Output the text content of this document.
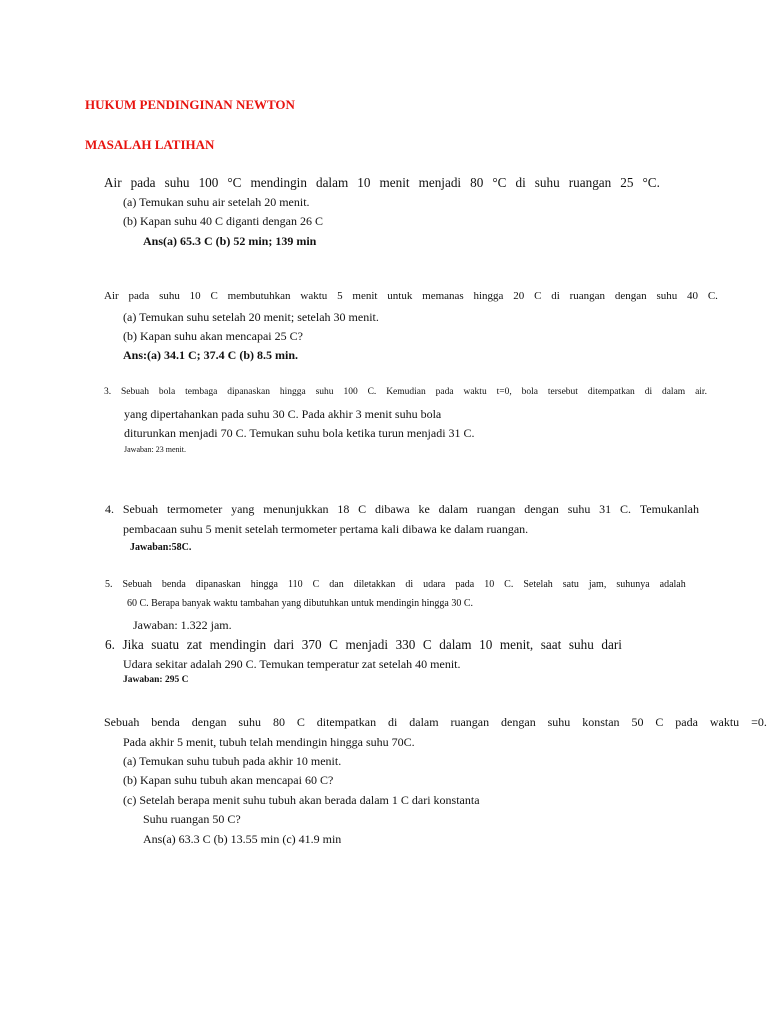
HUKUM PENDINGINAN NEWTON
MASALAH LATIHAN
Air pada suhu 100 °C mendingin dalam 10 menit menjadi 80 °C di suhu ruangan 25 °C.
(a) Temukan suhu air setelah 20 menit.
(b) Kapan suhu 40 C diganti dengan 26 C
Ans(a) 65.3 C (b) 52 min; 139 min
Air pada suhu 10 C membutuhkan waktu 5 menit untuk memanas hingga 20 C di ruangan dengan suhu 40 C.
(a) Temukan suhu setelah 20 menit; setelah 30 menit.
(b) Kapan suhu akan mencapai 25 C?
Ans:(a) 34.1 C; 37.4 C (b) 8.5 min.
3. Sebuah bola tembaga dipanaskan hingga suhu 100 C. Kemudian pada waktu t=0, bola tersebut ditempatkan di dalam air.
yang dipertahankan pada suhu 30 C. Pada akhir 3 menit suhu bola
diturunkan menjadi 70 C. Temukan suhu bola ketika turun menjadi 31 C.
Jawaban: 23 menit.
4. Sebuah termometer yang menunjukkan 18 C dibawa ke dalam ruangan dengan suhu 31 C. Temukanlah
pembacaan suhu 5 menit setelah termometer pertama kali dibawa ke dalam ruangan.
Jawaban:58C.
5. Sebuah benda dipanaskan hingga 110 C dan diletakkan di udara pada 10 C. Setelah satu jam, suhunya adalah
60 C. Berapa banyak waktu tambahan yang dibutuhkan untuk mendingin hingga 30 C.
Jawaban: 1.322 jam.
6. Jika suatu zat mendingin dari 370 C menjadi 330 C dalam 10 menit, saat suhu dari
Udara sekitar adalah 290 C. Temukan temperatur zat setelah 40 menit.
Jawaban: 295 C
Sebuah benda dengan suhu 80 C ditempatkan di dalam ruangan dengan suhu konstan 50 C pada waktu =0.
Pada akhir 5 menit, tubuh telah mendingin hingga suhu 70C.
(a) Temukan suhu tubuh pada akhir 10 menit.
(b) Kapan suhu tubuh akan mencapai 60 C?
(c) Setelah berapa menit suhu tubuh akan berada dalam 1 C dari konstanta
Suhu ruangan 50 C?
Ans(a) 63.3 C (b) 13.55 min (c) 41.9 min
